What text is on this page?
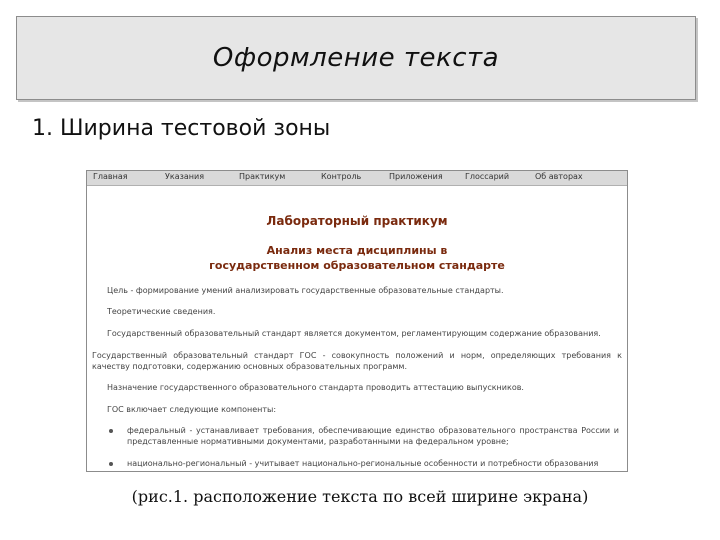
Оформление текста
1. Ширина тестовой зоны
Главная	Указания	Практикум	Контроль	Приложения	Глоссарий	Об авторах
Лабораторный практикум
Анализ места дисциплины в
государственном образовательном стандарте
Цель - формирование умений анализировать государственные образовательные стандарты.
Теоретические сведения.
Государственный образовательный стандарт является документом, регламентирующим содержание образования.
Государственный образовательный стандарт ГОС - совокупность положений и норм, определяющих требования к качеству подготовки, содержанию основных образовательных программ.
Назначение государственного образовательного стандарта проводить аттестацию выпускников.
ГОС включает следующие компоненты:
федеральный - устанавливает требования, обеспечивающие единство образовательного пространства России и представленные нормативными документами, разработанными на федеральном уровне;
национально-региональный - учитывает национально-региональные особенности и потребности образования
(рис.1. расположение текста по всей ширине экрана)
